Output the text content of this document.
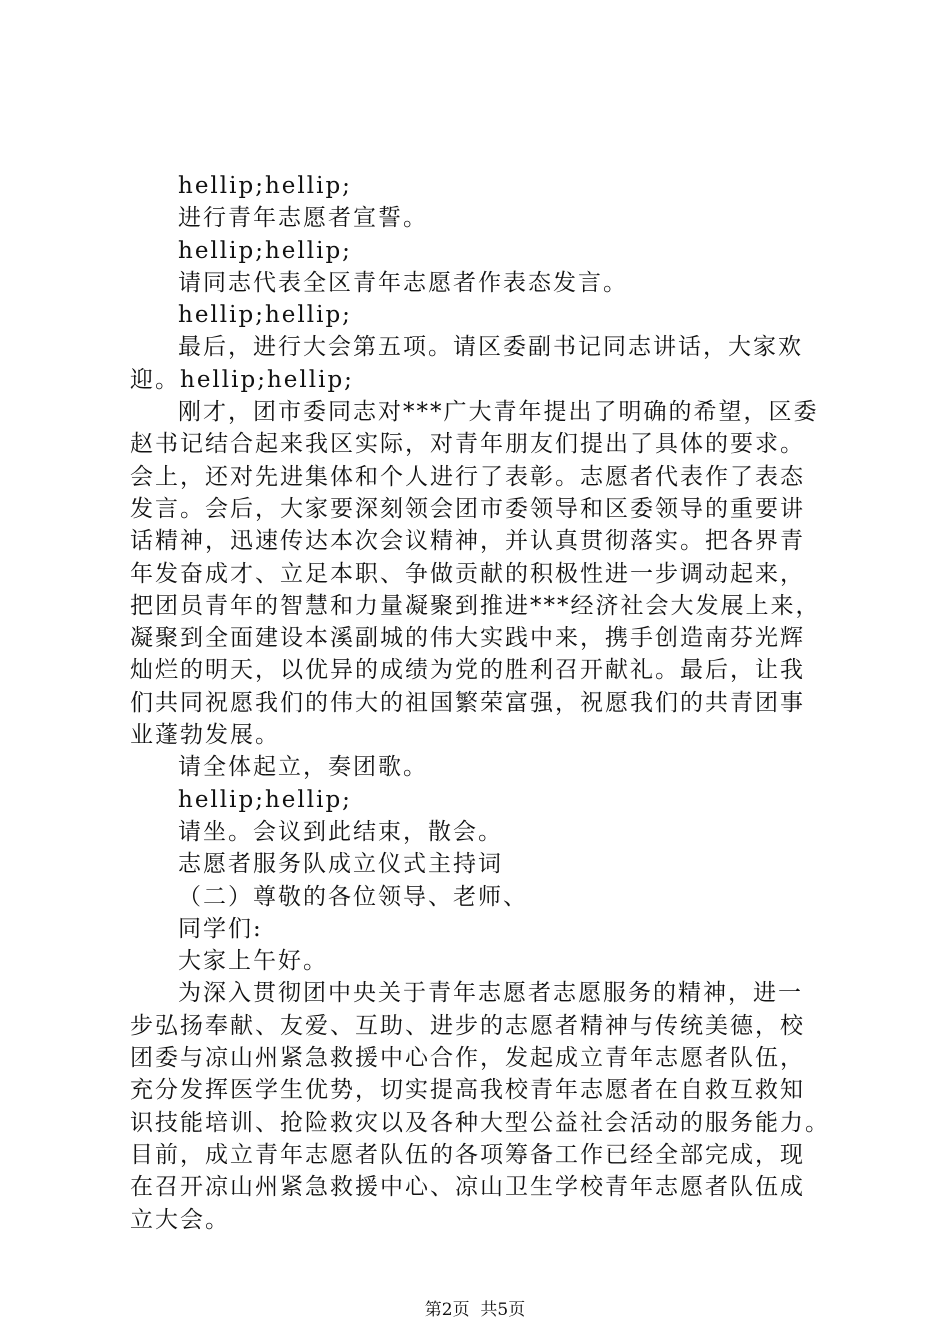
hellip;hellip;
进行青年志愿者宣誓。
hellip;hellip;
请同志代表全区青年志愿者作表态发言。
hellip;hellip;
最后，进行大会第五项。请区委副书记同志讲话，大家欢
迎。hellip;hellip;
刚才，团市委同志对***广大青年提出了明确的希望，区委
赵书记结合起来我区实际，对青年朋友们提出了具体的要求。
会上，还对先进集体和个人进行了表彰。志愿者代表作了表态
发言。会后，大家要深刻领会团市委领导和区委领导的重要讲
话精神，迅速传达本次会议精神，并认真贯彻落实。把各界青
年发奋成才、立足本职、争做贡献的积极性进一步调动起来，
把团员青年的智慧和力量凝聚到推进***经济社会大发展上来，
凝聚到全面建设本溪副城的伟大实践中来，携手创造南芬光辉
灿烂的明天，以优异的成绩为党的胜利召开献礼。最后，让我
们共同祝愿我们的伟大的祖国繁荣富强，祝愿我们的共青团事
业蓬勃发展。
请全体起立，奏团歌。
hellip;hellip;
请坐。会议到此结束，散会。
志愿者服务队成立仪式主持词
（二）尊敬的各位领导、老师、
同学们:
大家上午好。
为深入贯彻团中央关于青年志愿者志愿服务的精神，进一
步弘扬奉献、友爱、互助、进步的志愿者精神与传统美德，校
团委与凉山州紧急救援中心合作，发起成立青年志愿者队伍，
充分发挥医学生优势，切实提高我校青年志愿者在自救互救知
识技能培训、抢险救灾以及各种大型公益社会活动的服务能力。
目前，成立青年志愿者队伍的各项筹备工作已经全部完成，现
在召开凉山州紧急救援中心、凉山卫生学校青年志愿者队伍成
立大会。
第2页  共5页
